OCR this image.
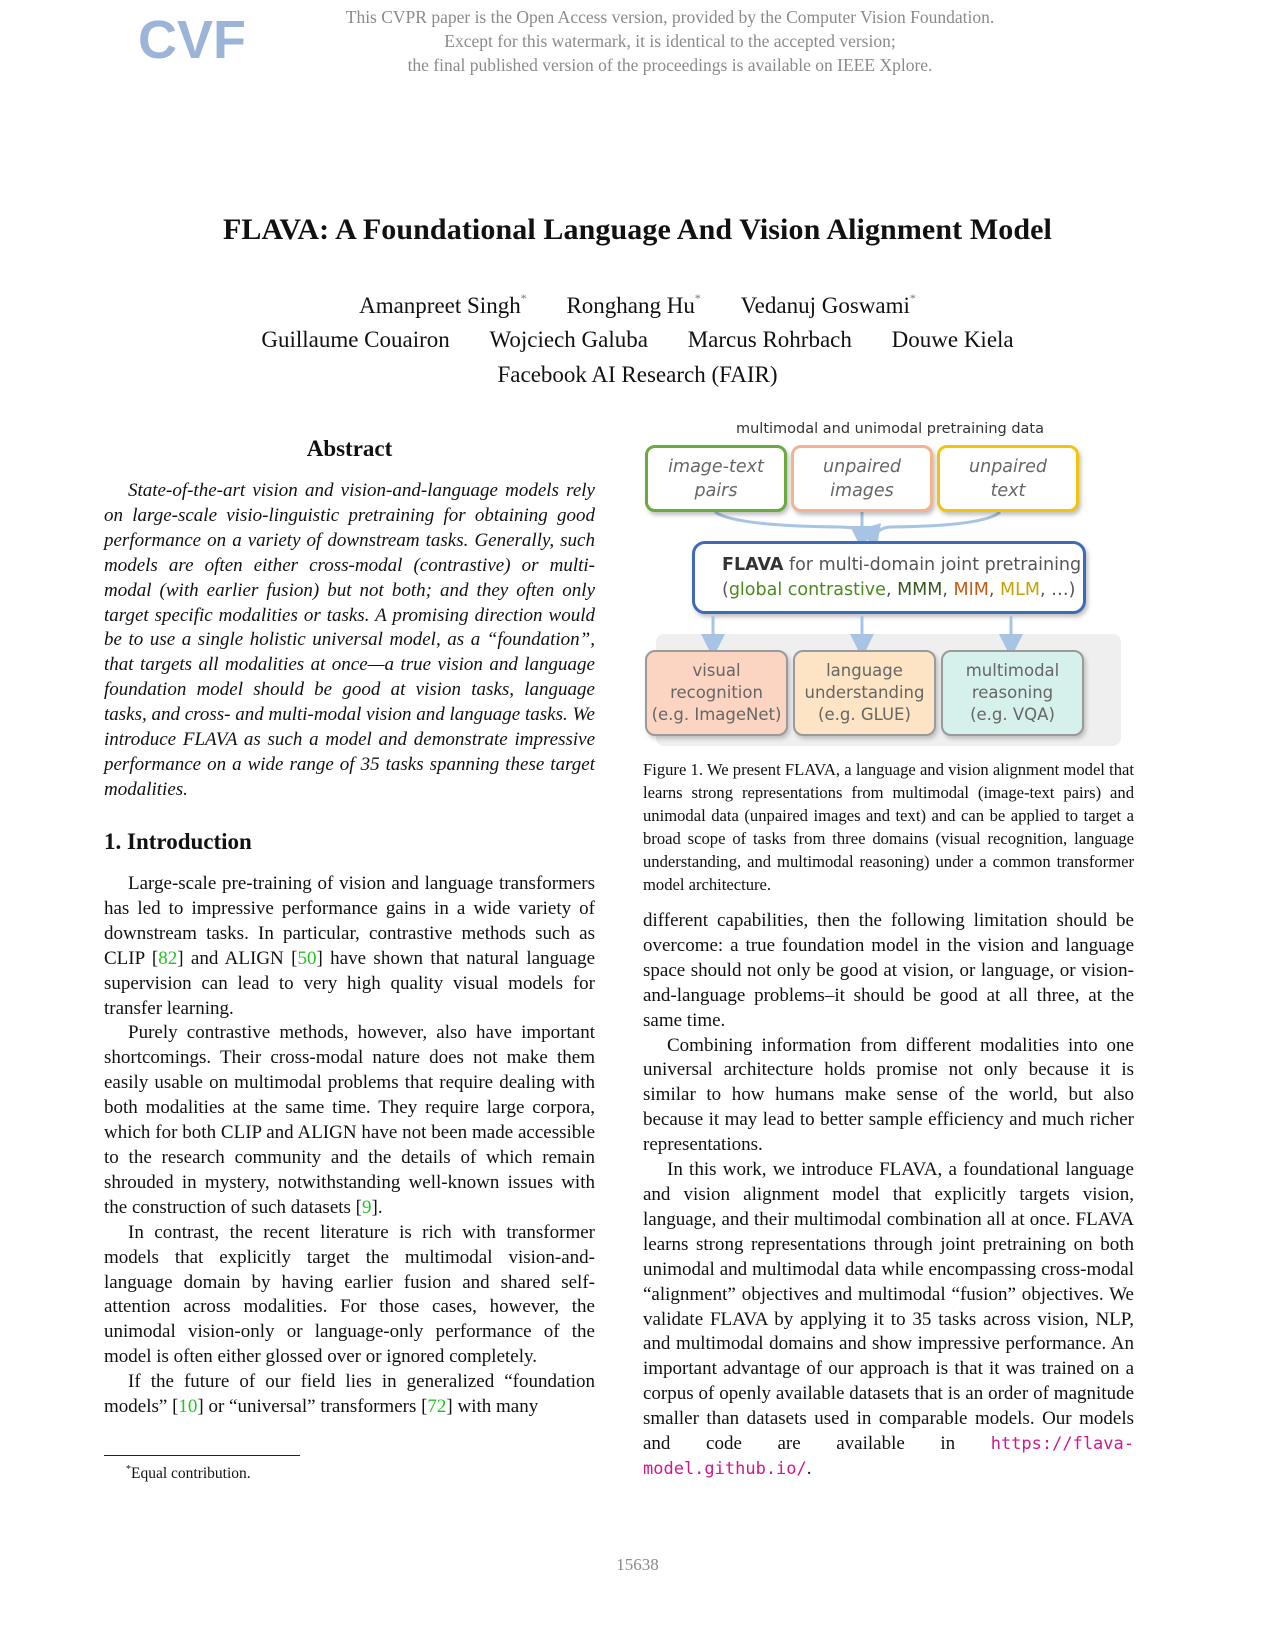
CVF	This CVPR paper is the Open Access version, provided by the Computer Vision Foundation.
Except for this watermark, it is identical to the accepted version;
the final published version of the proceedings is available on IEEE Xplore.
FLAVA: A Foundational Language And Vision Alignment Model
Amanpreet Singh* Ronghang Hu* Vedanuj Goswami*
Guillaume Couairon Wojciech Galuba Marcus Rohrbach Douwe Kiela
Facebook AI Research (FAIR)
Abstract

State-of-the-art vision and vision-and-language models rely on large-scale visio-linguistic pretraining for obtaining good performance on a variety of downstream tasks. Generally, such models are often either cross-modal (contrastive) or multi-modal (with earlier fusion) but not both; and they often only target specific modalities or tasks. A promising direction would be to use a single holistic universal model, as a “foundation”, that targets all modalities at once—a true vision and language foundation model should be good at vision tasks, language tasks, and cross- and multi-modal vision and language tasks. We introduce FLAVA as such a model and demonstrate impressive performance on a wide range of 35 tasks spanning these target modalities.

1. Introduction

Large-scale pre-training of vision and language transformers has led to impressive performance gains in a wide variety of downstream tasks. In particular, contrastive methods such as CLIP [82] and ALIGN [50] have shown that natural language supervision can lead to very high quality visual models for transfer learning.

Purely contrastive methods, however, also have important shortcomings. Their cross-modal nature does not make them easily usable on multimodal problems that require dealing with both modalities at the same time. They require large corpora, which for both CLIP and ALIGN have not been made accessible to the research community and the details of which remain shrouded in mystery, notwithstanding well-known issues with the construction of such datasets [9].

In contrast, the recent literature is rich with transformer models that explicitly target the multimodal vision-and-language domain by having earlier fusion and shared self-attention across modalities. For those cases, however, the unimodal vision-only or language-only performance of the model is often either glossed over or ignored completely.

If the future of our field lies in generalized “foundation models” [10] or “universal” transformers [72] with many

*Equal contribution.
multimodal and unimodal pretraining data
image-text
pairs
unpaired
images
unpaired
text
FLAVA for multi-domain joint pretraining
(global contrastive, MMM, MIM, MLM, …)
visual
recognition
(e.g. ImageNet)
language
understanding
(e.g. GLUE)
multimodal
reasoning
(e.g. VQA)
Figure 1. We present FLAVA, a language and vision alignment model that learns strong representations from multimodal (image-text pairs) and unimodal data (unpaired images and text) and can be applied to target a broad scope of tasks from three domains (visual recognition, language understanding, and multimodal reasoning) under a common transformer model architecture.

different capabilities, then the following limitation should be overcome: a true foundation model in the vision and language space should not only be good at vision, or language, or vision-and-language problems–it should be good at all three, at the same time.

Combining information from different modalities into one universal architecture holds promise not only because it is similar to how humans make sense of the world, but also because it may lead to better sample efficiency and much richer representations.

In this work, we introduce FLAVA, a foundational language and vision alignment model that explicitly targets vision, language, and their multimodal combination all at once. FLAVA learns strong representations through joint pretraining on both unimodal and multimodal data while encompassing cross-modal “alignment” objectives and multimodal “fusion” objectives. We validate FLAVA by applying it to 35 tasks across vision, NLP, and multimodal domains and show impressive performance. An important advantage of our approach is that it was trained on a corpus of openly available datasets that is an order of magnitude smaller than datasets used in comparable models. Our models and code are available in https://flava-model.github.io/.

15638
